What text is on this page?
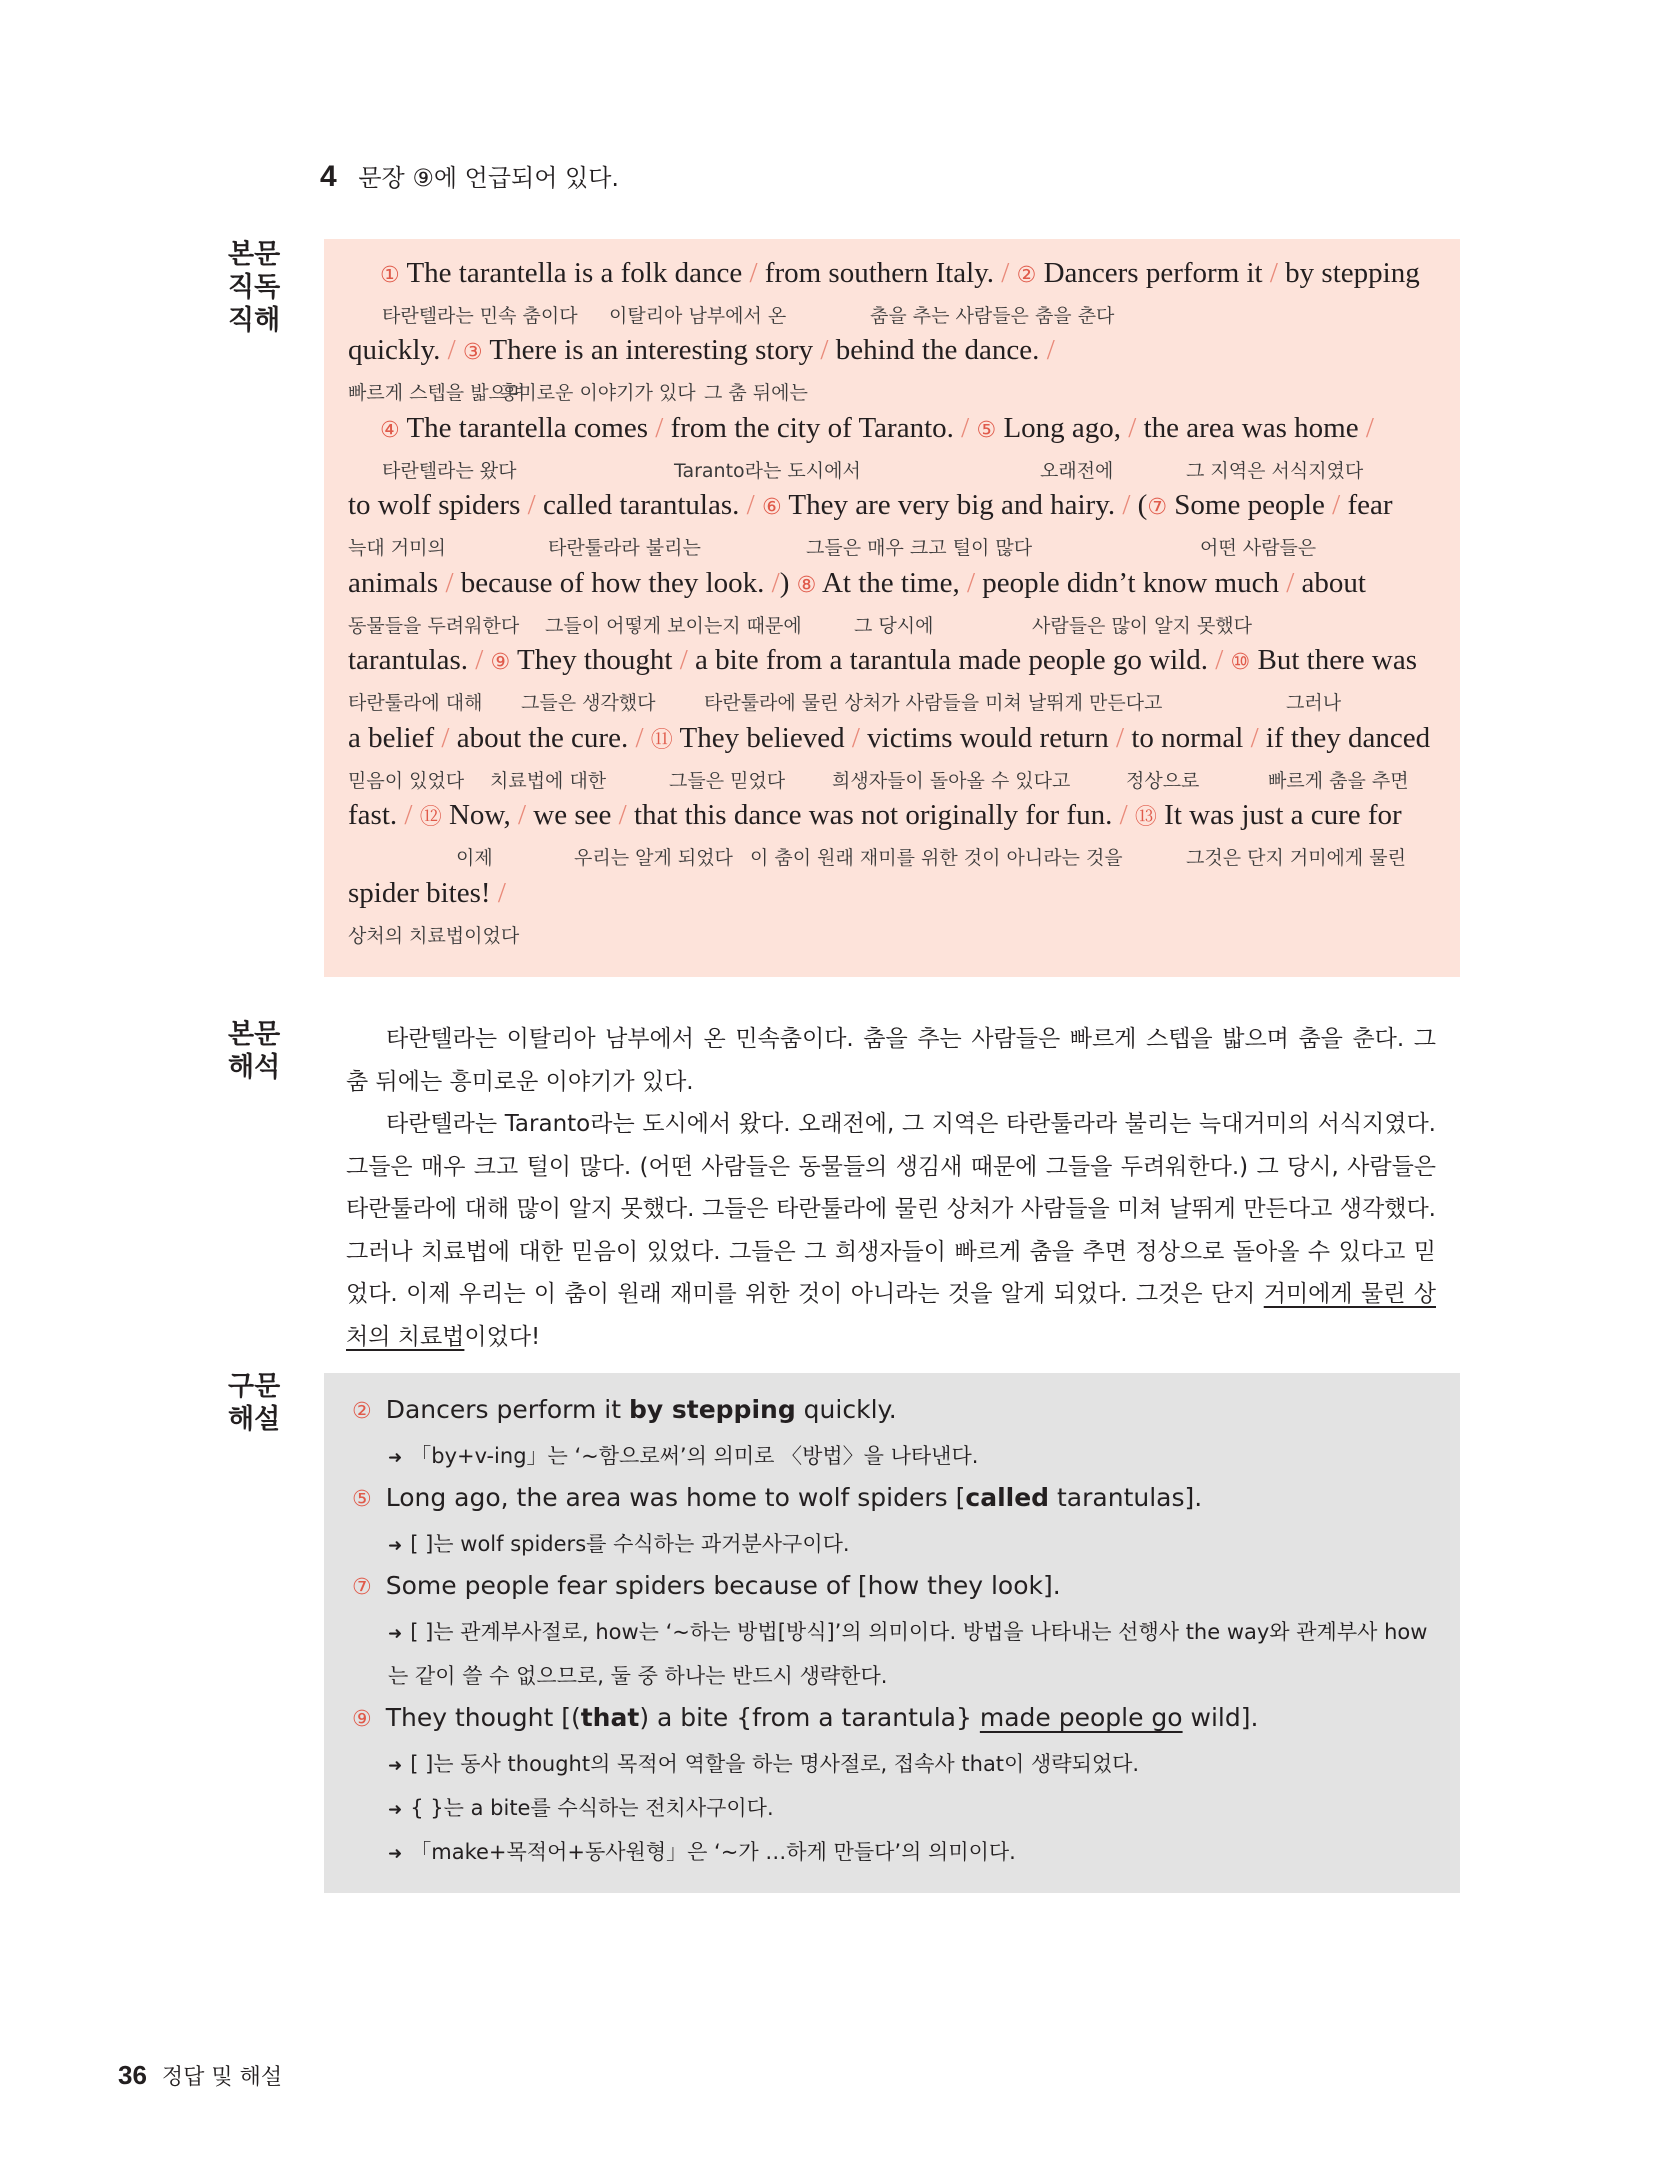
4 문장 ⑨에 언급되어 있다.
본문
직독
직해
본문
해석
구문
해설
① The tarantella is a folk dance / from southern Italy. / ② Dancers perform it / by stepping
타란텔라는 민속 춤이다 이탈리아 남부에서 온	춤을 추는 사람들은 춤을 춘다
quickly. / ③ There is an interesting story / behind the dance. /
빠르게 스텝을 밟으며
흥미로운 이야기가 있다 그 춤 뒤에는
④ The tarantella comes / from the city of Taranto. / ⑤ Long ago, / the area was home /
타란텔라는 왔다	Taranto라는 도시에서	오래전에	그 지역은 서식지였다
to wolf spiders / called tarantulas. / ⑥ They are very big and hairy. / (⑦ Some people / fear
늑대 거미의	타란툴라라 불리는	그들은 매우 크고 털이 많다	어떤 사람들은
animals / because of how they look. /) ⑧ At the time, / people didn’t know much / about
동물들을 두려워한다 그들이 어떻게 보이는지 때문에	그 당시에	사람들은 많이 알지 못했다
tarantulas. / ⑨ They thought / a bite from a tarantula made people go wild. / ⑩ But there was
타란툴라에 대해 그들은 생각했다	타란툴라에 물린 상처가 사람들을 미쳐 날뛰게 만든다고	그러나
a belief / about the cure. / ⑪ They believed / victims would return / to normal / if they danced
믿음이 있었다 치료법에 대한	그들은 믿었다 희생자들이 돌아올 수 있다고	정상으로	빠르게 춤을 추면
fast. / ⑫ Now, / we see / that this dance was not originally for fun. / ⑬ It was just a cure for
이제	우리는 알게 되었다 이 춤이 원래 재미를 위한 것이 아니라는 것을	그것은 단지 거미에게 물린
spider bites! /
상처의 치료법이었다

타란텔라는 이탈리아 남부에서 온 민속춤이다. 춤을 추는 사람들은 빠르게 스텝을 밟으며 춤을 춘다. 그 춤 뒤에는 흥미로운 이야기가 있다.

타란텔라는 Taranto라는 도시에서 왔다. 오래전에, 그 지역은 타란툴라라 불리는 늑대거미의 서식지였다. 그들은 매우 크고 털이 많다. (어떤 사람들은 동물들의 생김새 때문에 그들을 두려워한다.) 그 당시, 사람들은 타란툴라에 대해 많이 알지 못했다. 그들은 타란툴라에 물린 상처가 사람들을 미쳐 날뛰게 만든다고 생각했다. 그러나 치료법에 대한 믿음이 있었다. 그들은 그 희생자들이 빠르게 춤을 추면 정상으로 돌아올 수 있다고 믿었다. 이제 우리는 이 춤이 원래 재미를 위한 것이 아니라는 것을 알게 되었다. 그것은 단지 거미에게 물린 상처의 치료법이었다!

② Dancers perform it by stepping quickly.
➜ 「by+v-ing」는 ‘~함으로써’의 의미로 〈방법〉을 나타낸다.
⑤ Long ago, the area was home to wolf spiders [called tarantulas].
➜ [ ]는 wolf spiders를 수식하는 과거분사구이다.
⑦ Some people fear spiders because of [how they look].
➜ [ ]는 관계부사절로, how는 ‘~하는 방법[방식]’의 의미이다. 방법을 나타내는 선행사 the way와 관계부사 how는 같이 쓸 수 없으므로, 둘 중 하나는 반드시 생략한다.
⑨ They thought [(that) a bite {from a tarantula} made people go wild].
➜ [ ]는 동사 thought의 목적어 역할을 하는 명사절로, 접속사 that이 생략되었다.
➜ { }는 a bite를 수식하는 전치사구이다.
➜ 「make+목적어+동사원형」은 ‘~가 …하게 만들다’의 의미이다.
36 정답 및 해설
